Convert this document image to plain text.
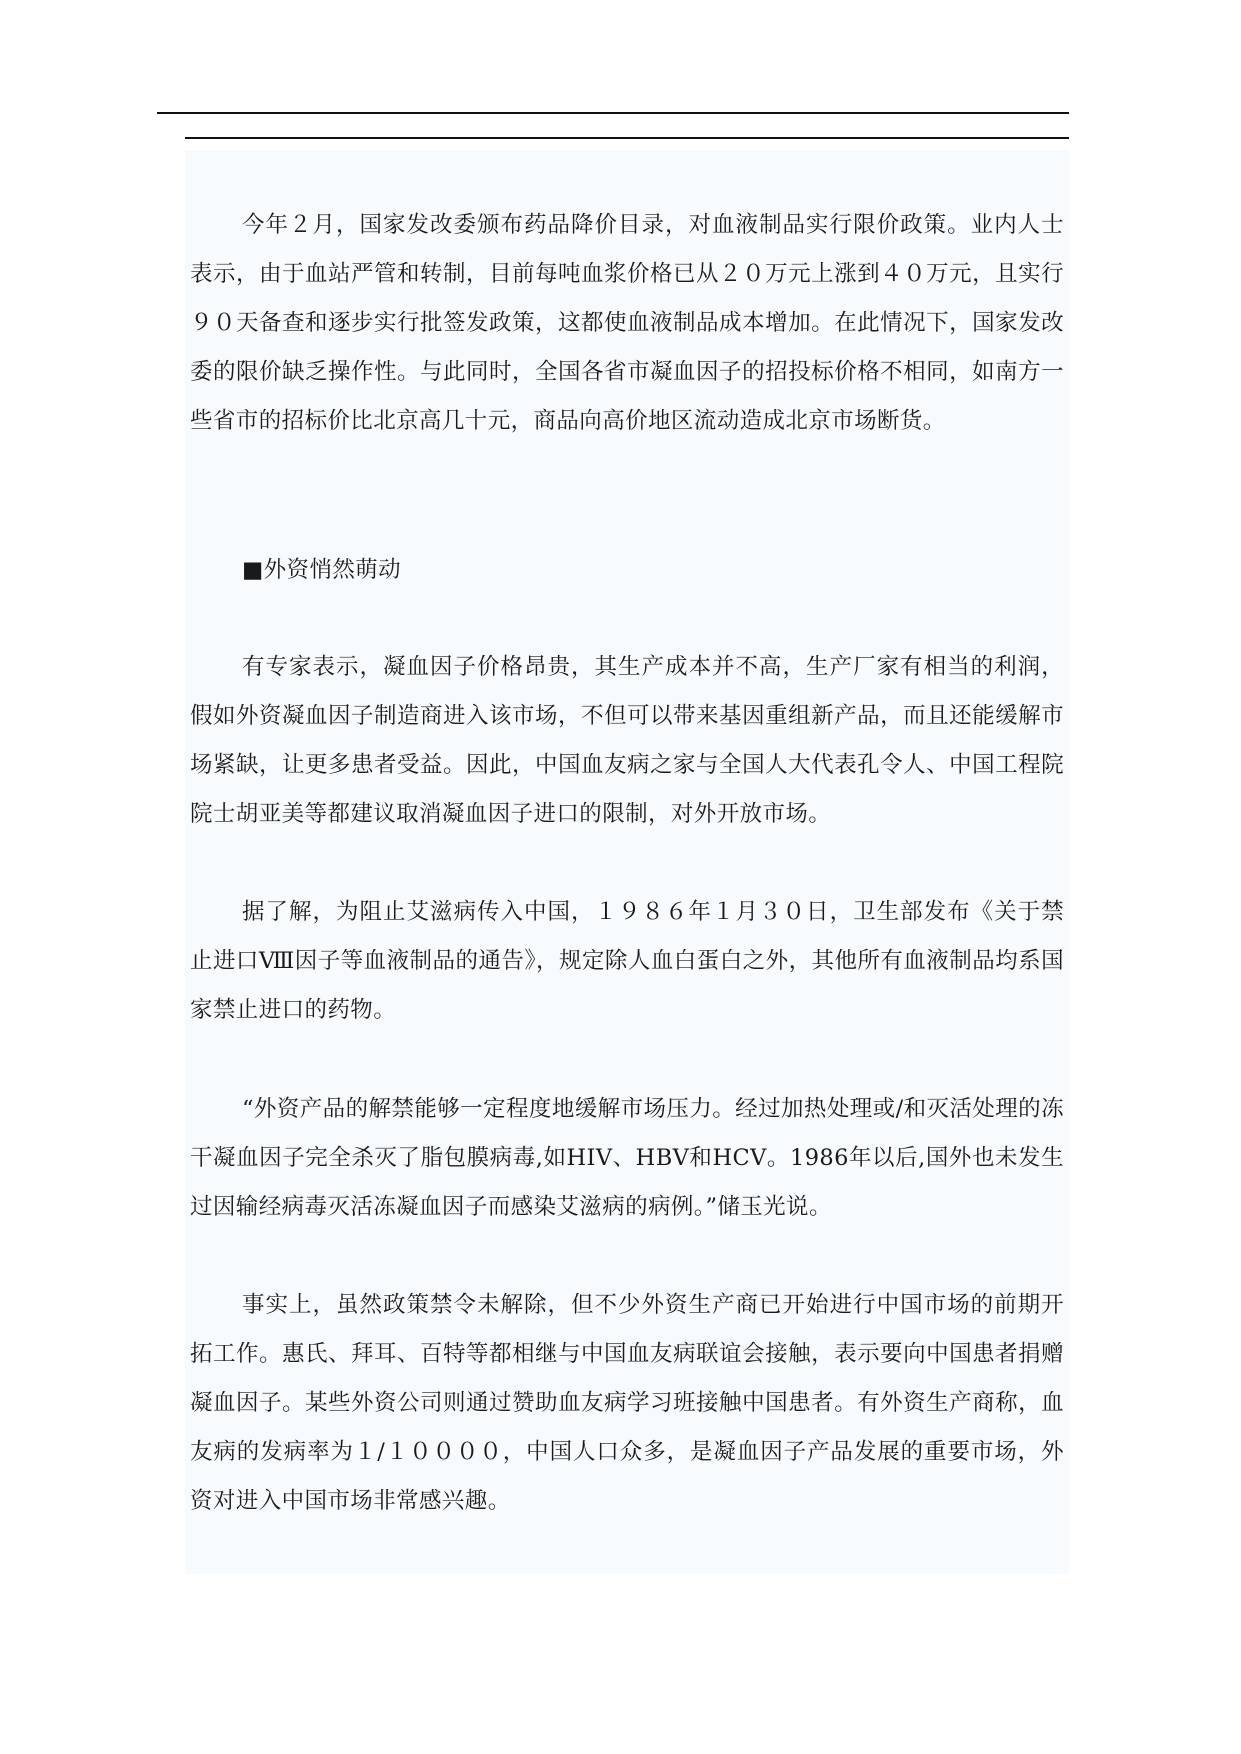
今年２月，国家发改委颁布药品降价目录，对血液制品实行限价政策。业内人士表示，由于血站严管和转制，目前每吨血浆价格已从２０万元上涨到４０万元，且实行９０天备查和逐步实行批签发政策，这都使血液制品成本增加。在此情况下，国家发改委的限价缺乏操作性。与此同时，全国各省市凝血因子的招投标价格不相同，如南方一些省市的招标价比北京高几十元，商品向高价地区流动造成北京市场断货。

■外资悄然萌动

有专家表示，凝血因子价格昂贵，其生产成本并不高，生产厂家有相当的利润，假如外资凝血因子制造商进入该市场，不但可以带来基因重组新产品，而且还能缓解市场紧缺，让更多患者受益。因此，中国血友病之家与全国人大代表孔令人、中国工程院院士胡亚美等都建议取消凝血因子进口的限制，对外开放市场。

据了解，为阻止艾滋病传入中国，１９８６年１月３０日，卫生部发布《关于禁止进口Ⅷ因子等血液制品的通告》，规定除人血白蛋白之外，其他所有血液制品均系国家禁止进口的药物。

“外资产品的解禁能够一定程度地缓解市场压力。经过加热处理或/和灭活处理的冻干凝血因子完全杀灭了脂包膜病毒,如HIV、HBV和HCV。1986年以后,国外也未发生过因输经病毒灭活冻凝血因子而感染艾滋病的病例。”储玉光说。

事实上，虽然政策禁令未解除，但不少外资生产商已开始进行中国市场的前期开拓工作。惠氏、拜耳、百特等都相继与中国血友病联谊会接触，表示要向中国患者捐赠凝血因子。某些外资公司则通过赞助血友病学习班接触中国患者。有外资生产商称，血友病的发病率为１/１００００，中国人口众多，是凝血因子产品发展的重要市场，外资对进入中国市场非常感兴趣。
